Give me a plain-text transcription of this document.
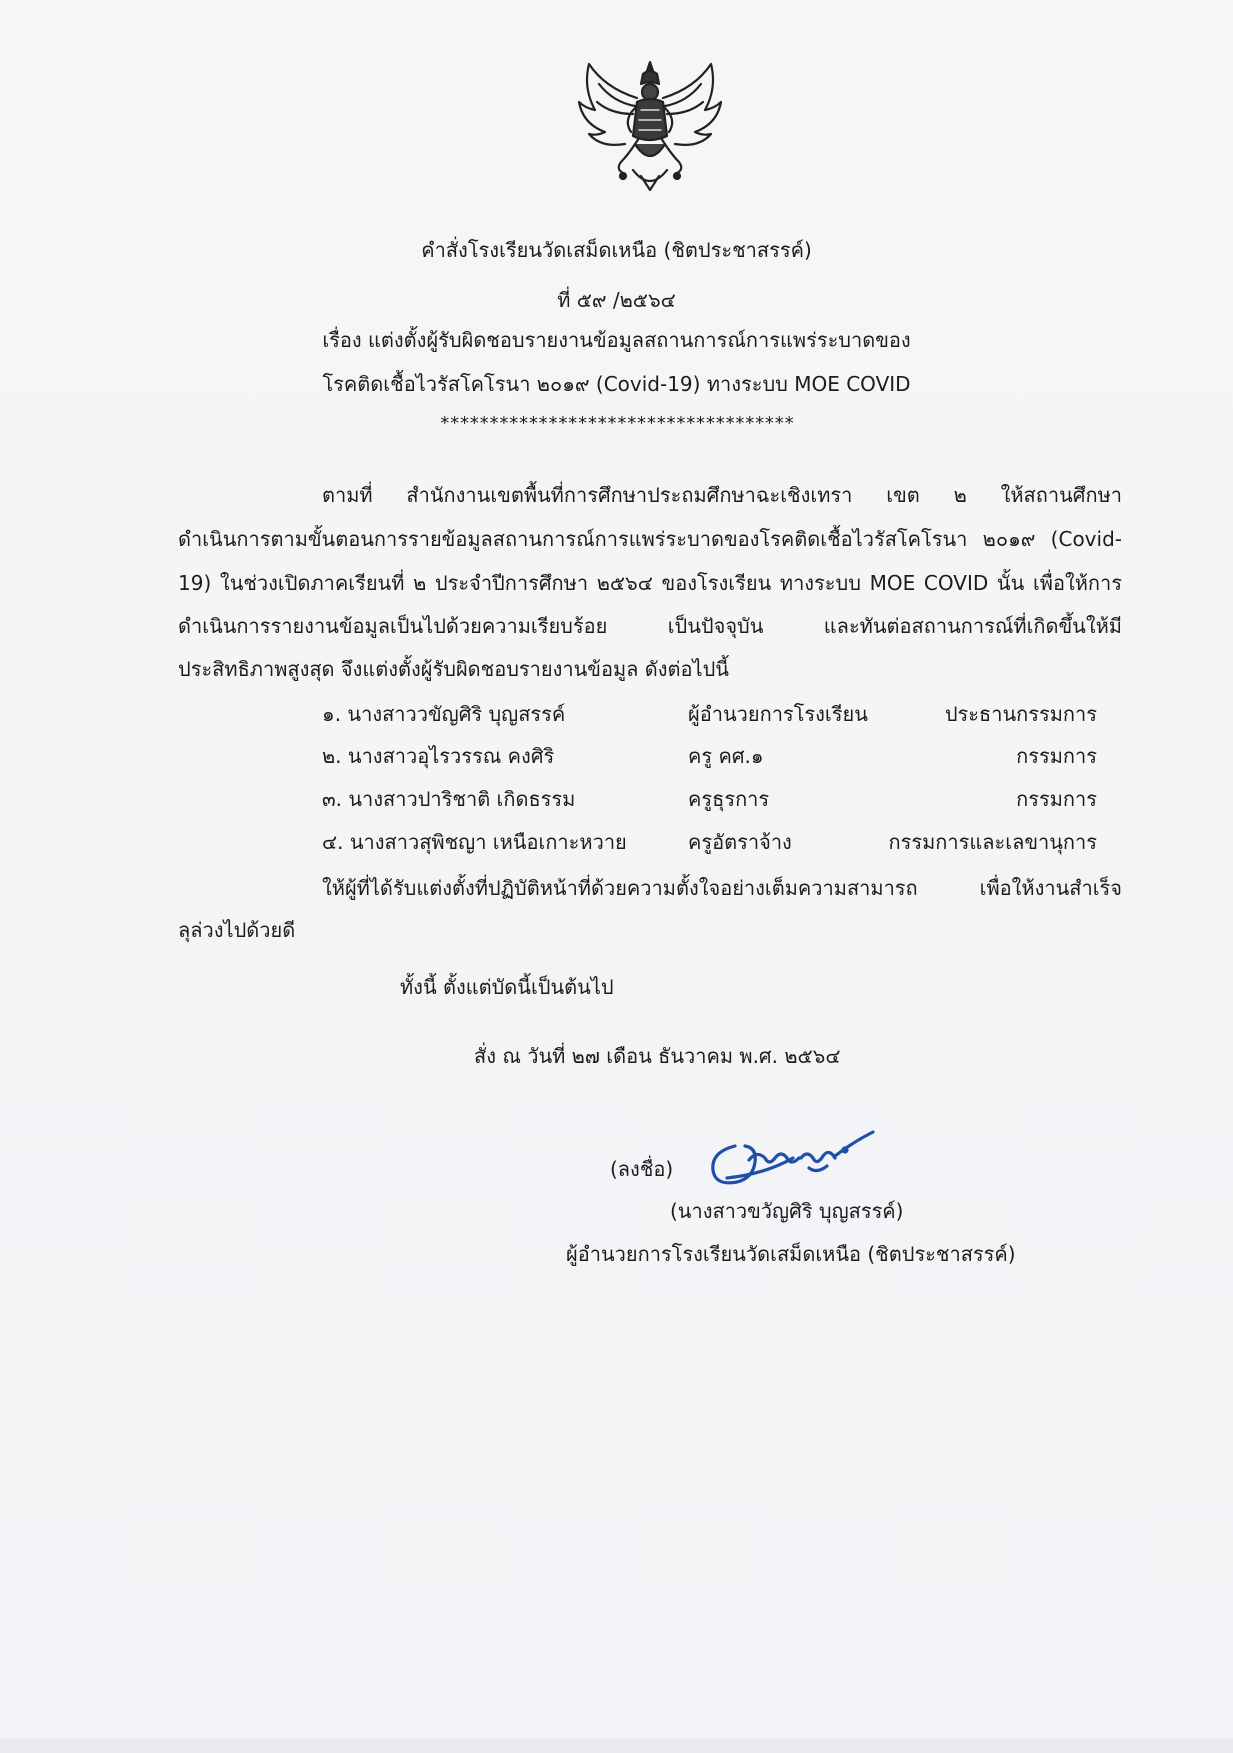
คำสั่งโรงเรียนวัดเสม็ดเหนือ (ชิตประชาสรรค์)
ที่ ๕๙ /๒๕๖๔
เรื่อง แต่งตั้งผู้รับผิดชอบรายงานข้อมูลสถานการณ์การแพร่ระบาดของ
โรคติดเชื้อไวรัสโคโรนา ๒๐๑๙ (Covid-19) ทางระบบ MOE COVID
************************************
ตามที่ สำนักงานเขตพื้นที่การศึกษาประถมศึกษาฉะเชิงเทรา เขต ๒ ให้สถานศึกษา
ดำเนินการตามขั้นตอนการรายข้อมูลสถานการณ์การแพร่ระบาดของโรคติดเชื้อไวรัสโคโรนา ๒๐๑๙ (Covid-
19) ในช่วงเปิดภาคเรียนที่ ๒ ประจำปีการศึกษา ๒๕๖๔ ของโรงเรียน ทางระบบ MOE COVID นั้น เพื่อให้การ
ดำเนินการรายงานข้อมูลเป็นไปด้วยความเรียบร้อย เป็นปัจจุบัน และทันต่อสถานการณ์ที่เกิดขึ้นให้มี
ประสิทธิภาพสูงสุด จึงแต่งตั้งผู้รับผิดชอบรายงานข้อมูล ดังต่อไปนี้
๑. นางสาววขัญศิริ บุญสรรค์	ผู้อำนวยการโรงเรียน	ประธานกรรมการ
๒. นางสาวอุไรวรรณ คงศิริ	ครู คศ.๑	กรรมการ
๓. นางสาวปาริชาติ เกิดธรรม	ครูธุรการ	กรรมการ
๔. นางสาวสุพิชญา เหนือเกาะหวาย	ครูอัตราจ้าง	กรรมการและเลขานุการ
ให้ผู้ที่ได้รับแต่งตั้งที่ปฏิบัติหน้าที่ด้วยความตั้งใจอย่างเต็มความสามารถ เพื่อให้งานสำเร็จ
ลุล่วงไปด้วยดี
ทั้งนี้ ตั้งแต่บัดนี้เป็นต้นไป
สั่ง ณ วันที่ ๒๗ เดือน ธันวาคม พ.ศ. ๒๕๖๔
(ลงชื่อ)
(นางสาวขวัญศิริ บุญสรรค์)
ผู้อำนวยการโรงเรียนวัดเสม็ดเหนือ (ชิตประชาสรรค์)
